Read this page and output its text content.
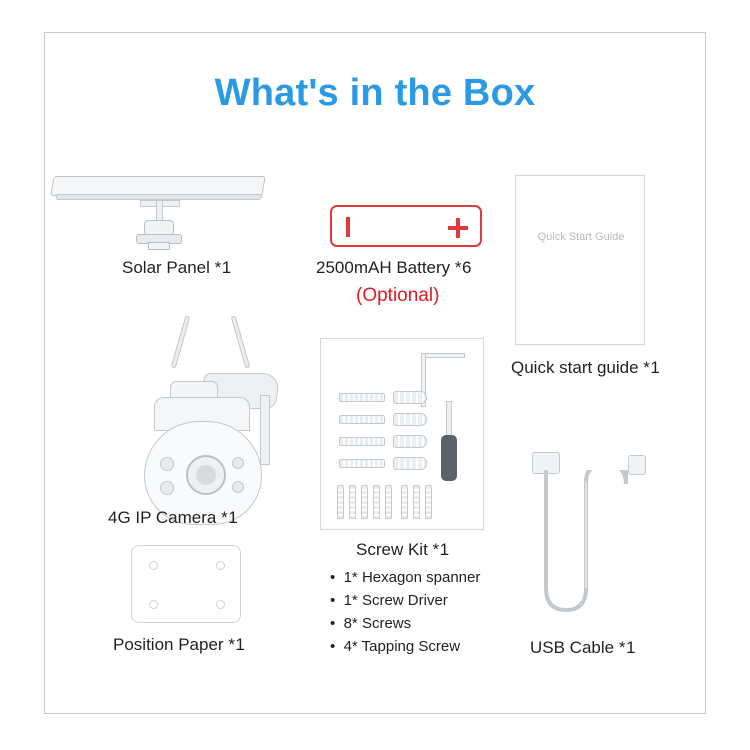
What's in the Box
Solar Panel *1	2500mAH Battery *6
(Optional)
Quick Start Guide
Quick start guide *1
4G IP Camera *1
Position Paper *1
Screw Kit *1
•  1* Hexagon spanner
•  1* Screw Driver
•  8* Screws
•  4* Tapping Screw	USB Cable *1
